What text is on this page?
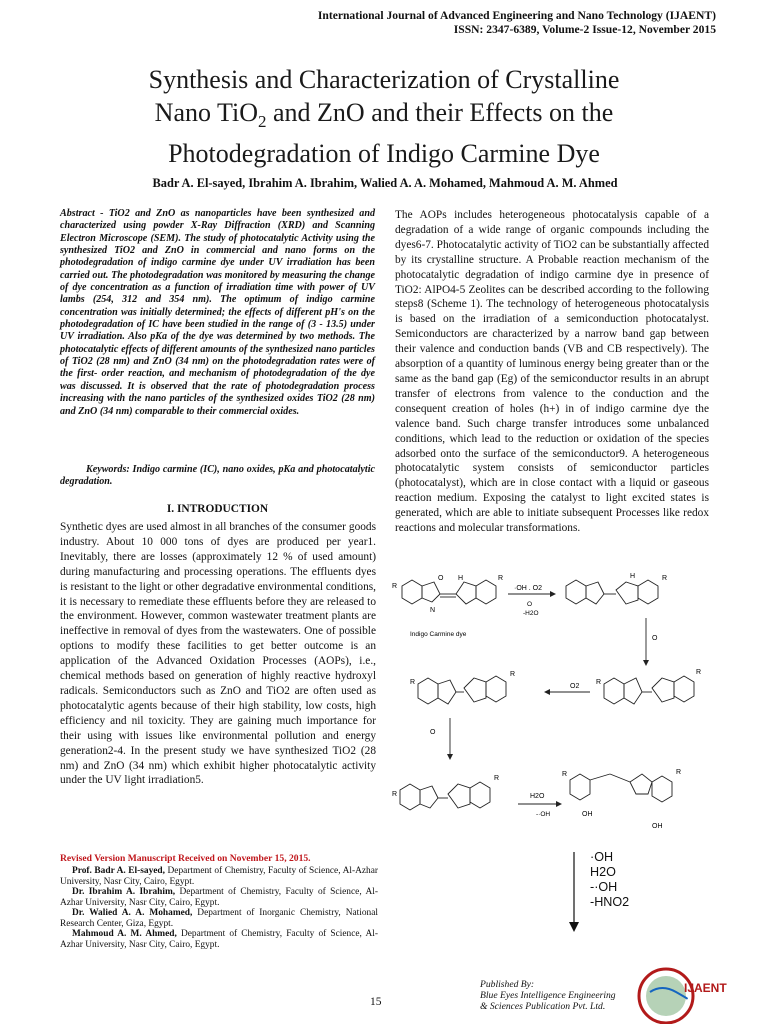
International Journal of Advanced Engineering and Nano Technology (IJAENT)
ISSN: 2347-6389, Volume-2 Issue-12, November 2015
Synthesis and Characterization of Crystalline
Nano TiO$_2$ and ZnO and their Effects on the
Photodegradation of Indigo Carmine Dye
Badr A. El-sayed, Ibrahim A. Ibrahim, Walied A. A. Mohamed, Mahmoud A. M. Ahmed
Abstract - TiO2 and ZnO as nanoparticles have been synthesized and characterized using powder X-Ray Diffraction (XRD) and Scanning Electron Microscope (SEM). The study of photocatalytic Activity using the synthesized TiO2 and ZnO in commercial and nano forms on the photodegradation of indigo carmine dye under UV irradiation has been carried out. The photodegradation was monitored by measuring the change of dye concentration as a function of irradiation time with power of UV lambs (254, 312 and 354 nm). The optimum of indigo carmine concentration was initially determined; the effects of different pH's on the photodegradation of IC have been studied in the range of (3 - 13.5) under UV irradiation. Also pKa of the dye was determined by two methods. The photocatalytic effects of different amounts of the synthesized nano particles of TiO2 (28 nm) and ZnO (34 nm) on the photodegradation rates were of the first- order reaction, and mechanism of photodegradation of the dye was discussed. It is observed that the rate of photodegradation process increasing with the nano particles of the synthesized oxides TiO2 (28 nm) and ZnO (34 nm) comparable to their commercial oxides.
Keywords: Indigo carmine (IC), nano oxides, pKa and photocatalytic degradation.
I. INTRODUCTION
Synthetic dyes are used almost in all branches of the consumer goods industry. About 10 000 tons of dyes are produced per year1. Inevitably, there are losses (approximately 12 % of used amount) during manufacturing and processing operations. The effluents dyes is resistant to the light or other degradative environmental conditions, it is necessary to remediate these effluents before they are released to the environment. However, common wastewater treatment plants are ineffective in removal of dyes from the wastewaters. One of possible options to modify these facilities to get better outcome is an application of the Advanced Oxidation Processes (AOPs), i.e., chemical methods based on generation of highly reactive hydroxyl radicals. Semiconductors such as ZnO and TiO2 are often used as photocatalytic agents because of their high stability, low costs, high efficiency and nil toxicity. They are gaining much importance for their using with issues like environmental pollution and energy generation2-4. In the present study we have synthesized TiO2 (28 nm) and ZnO (34 nm) which exhibit higher photocatalytic activity under the UV light irradiation5.
Revised Version Manuscript Received on November 15, 2015.

Prof. Badr A. El-sayed, Department of Chemistry, Faculty of Science, Al-Azhar University, Nasr City, Cairo, Egypt.

Dr. Ibrahim A. Ibrahim, Department of Chemistry, Faculty of Science, Al-Azhar University, Nasr City, Cairo, Egypt.

Dr. Walied A. A. Mohamed, Department of Inorganic Chemistry, National Research Center, Giza, Egypt.

Mahmoud A. M. Ahmed, Department of Chemistry, Faculty of Science, Al-Azhar University, Nasr City, Cairo, Egypt.

The AOPs includes heterogeneous photocatalysis capable of a degradation of a wide range of organic compounds including the dyes6-7. Photocatalytic activity of TiO2 can be substantially affected by its crystalline structure. A Probable reaction mechanism of the photocatalytic degradation of indigo carmine dye in presence of TiO2: AlPO4-5 Zeolites can be described according to the following steps8 (Scheme 1). The technology of heterogeneous photocatalysis is based on the irradiation of a semiconduction photocatalyst. Semiconductors are characterized by a narrow band gap between their valence and conduction bands (VB and CB respectively). The absorption of a quantity of luminous energy being greater than or the same as the band gap (Eg) of the semiconductor results in an abrupt transfer of electrons from valence to the conduction and the consequent creation of holes (h+) in of indigo carmine dye the valence band. Such charge transfer introduces some unbalanced conditions, which lead to the reduction or oxidation of the species adsorbed onto the surface of the semiconductor9. A heterogeneous photocatalytic system consists of semiconductor particles (photocatalyst), which are in close contact with a liquid or gaseous reaction medium. Exposing the catalyst to light excited states is generated, which are able to initiate subsequent Processes like redox reactions and molecular transformations.
R
R
H
N
O
Indigo Carmine dye
·OH . O2
O
-H2O
H	R
O
R
R
O2
R
R
O
R
R
H2O
-·OH
R	R
OH
OH
·OH
H2O
-·OH
-HNO2
15
Published By:
Blue Eyes Intelligence Engineering
& Sciences Publication Pvt. Ltd.
IJAENT
